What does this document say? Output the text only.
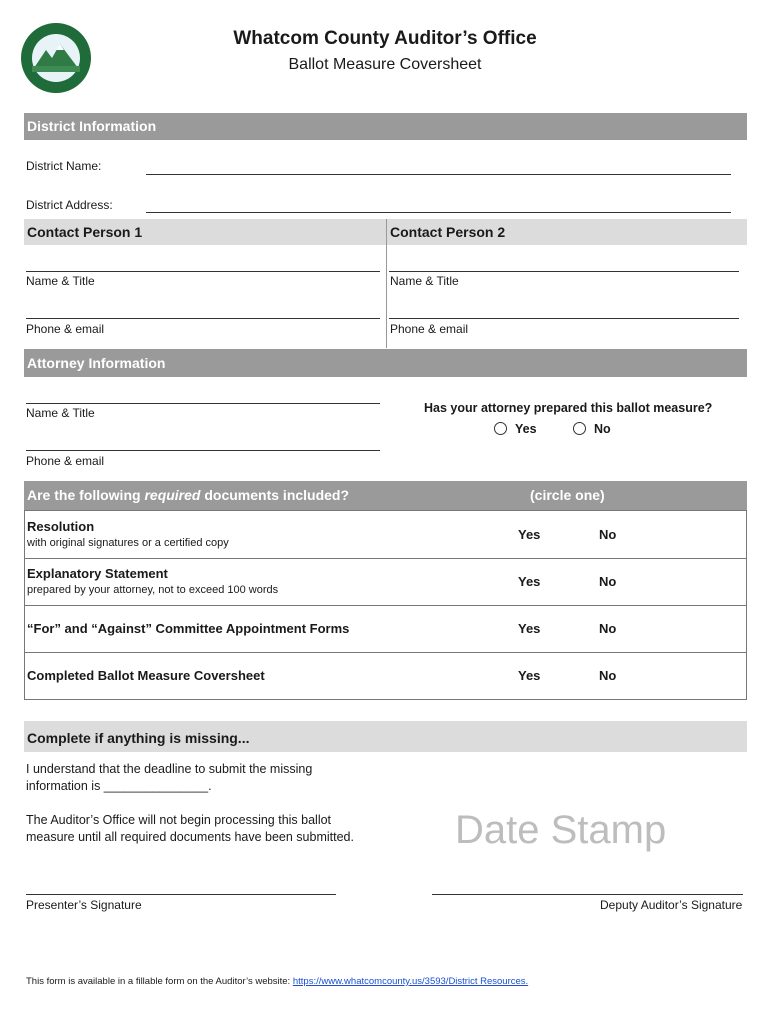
Whatcom County Auditor’s Office
Ballot Measure Coversheet
District Information
District Name:
District Address:
Contact Person 1	Contact Person 2
Name & Title
Phone & email
Name & Title
Phone & email
Attorney Information
Name & Title
Phone & email
Has your attorney prepared this ballot measure?
Yes	No
Are the following required documents included?	(circle one)
Resolution
with original signatures or a certified copy
Yes	No
Explanatory Statement
prepared by your attorney, not to exceed 100 words
Yes	No
“For” and “Against” Committee Appointment Forms	Yes	No
Completed Ballot Measure Coversheet	Yes	No
Complete if anything is missing...
I understand that the deadline to submit the missing
information is _______________.
The Auditor’s Office will not begin processing this ballot
measure until all required documents have been submitted.	Date Stamp
Presenter’s Signature	Deputy Auditor’s Signature
This form is available in a fillable form on the Auditor’s website: https://www.whatcomcounty.us/3593/District Resources.
